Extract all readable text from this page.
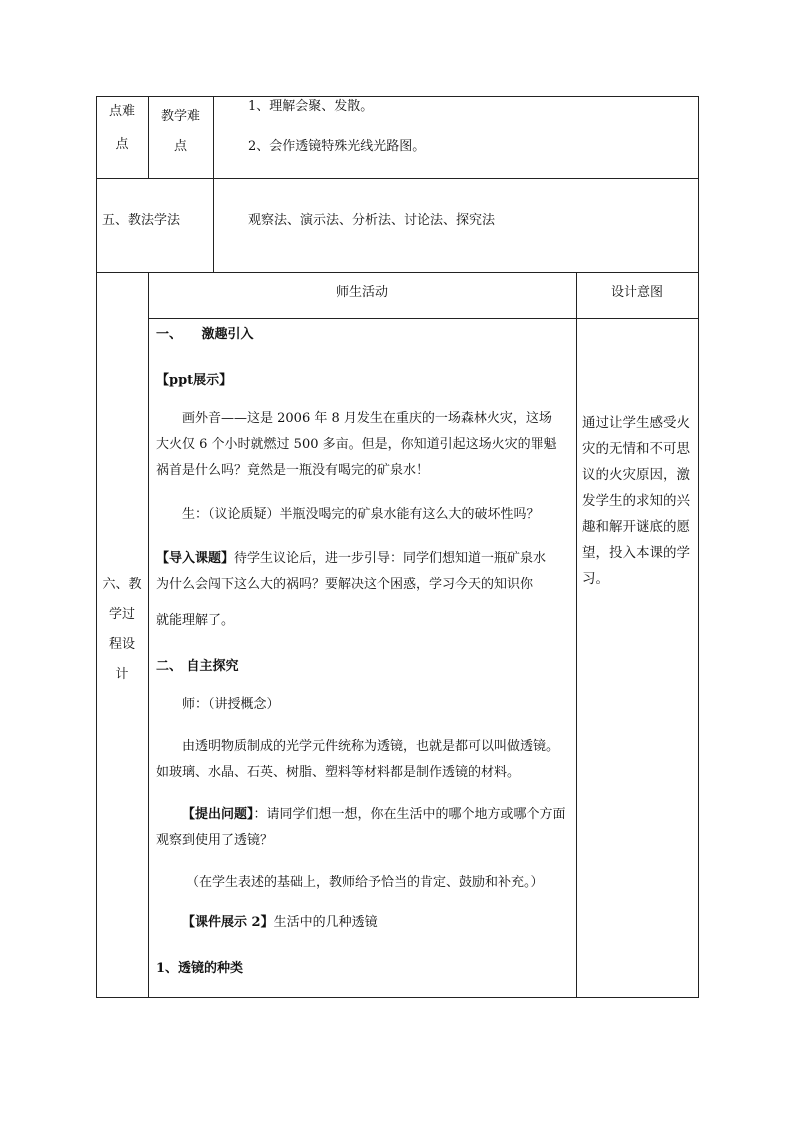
点难
点
教学难
点
1、理解会聚、发散。
2、会作透镜特殊光线光路图。
五、教法学法	观察法、演示法、分析法、讨论法、探究法
六、教
学过
程设
计
师生活动	设计意图
一、　　激趣引入
【ppt展示】
画外音——这是 2006 年 8 月发生在重庆的一场森林火灾，这场
大火仅 6 个小时就燃过 500 多亩。但是，你知道引起这场火灾的罪魁
祸首是什么吗？竟然是一瓶没有喝完的矿泉水！
生：（议论质疑）半瓶没喝完的矿泉水能有这么大的破坏性吗？
【导入课题】待学生议论后，进一步引导：同学们想知道一瓶矿泉水
为什么会闯下这么大的祸吗？要解决这个困惑，学习今天的知识你
就能理解了。
二、 自主探究
师：（讲授概念）
由透明物质制成的光学元件统称为透镜，也就是都可以叫做透镜。
如玻璃、水晶、石英、树脂、塑料等材料都是制作透镜的材料。
【提出问题】：请同学们想一想，你在生活中的哪个地方或哪个方面
观察到使用了透镜？
（在学生表述的基础上，教师给予恰当的肯定、鼓励和补充。）
【课件展示 2】生活中的几种透镜
1、透镜的种类
通过让学生感受火灾的无情和不可思议的火灾原因，激发学生的求知的兴趣和解开谜底的愿望，投入本课的学习。
